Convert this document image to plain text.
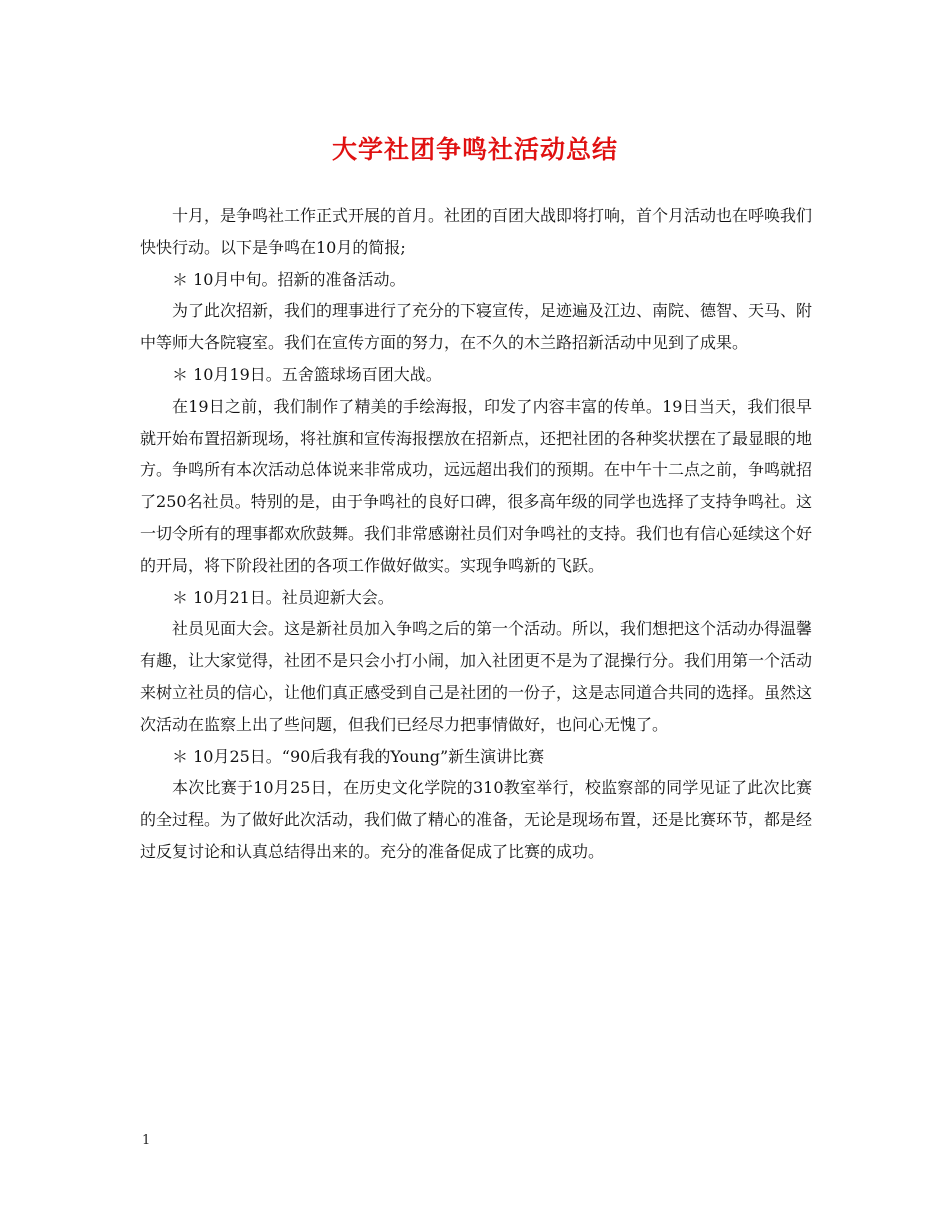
大学社团争鸣社活动总结

十月，是争鸣社工作正式开展的首月。社团的百团大战即将打响，首个月活动也在呼唤我们快快行动。以下是争鸣在10月的简报;

＊ 10月中旬。招新的准备活动。

为了此次招新，我们的理事进行了充分的下寝宣传，足迹遍及江边、南院、德智、天马、附中等师大各院寝室。我们在宣传方面的努力，在不久的木兰路招新活动中见到了成果。

＊ 10月19日。五舍篮球场百团大战。

在19日之前，我们制作了精美的手绘海报，印发了内容丰富的传单。19日当天，我们很早就开始布置招新现场，将社旗和宣传海报摆放在招新点，还把社团的各种奖状摆在了最显眼的地方。争鸣所有本次活动总体说来非常成功，远远超出我们的预期。在中午十二点之前，争鸣就招了250名社员。特别的是，由于争鸣社的良好口碑，很多高年级的同学也选择了支持争鸣社。这一切令所有的理事都欢欣鼓舞。我们非常感谢社员们对争鸣社的支持。我们也有信心延续这个好的开局，将下阶段社团的各项工作做好做实。实现争鸣新的飞跃。

＊ 10月21日。社员迎新大会。

社员见面大会。这是新社员加入争鸣之后的第一个活动。所以，我们想把这个活动办得温馨有趣，让大家觉得，社团不是只会小打小闹，加入社团更不是为了混操行分。我们用第一个活动来树立社员的信心，让他们真正感受到自己是社团的一份子，这是志同道合共同的选择。虽然这次活动在监察上出了些问题，但我们已经尽力把事情做好，也问心无愧了。

＊ 10月25日。“90后我有我的Young”新生演讲比赛

本次比赛于10月25日，在历史文化学院的310教室举行，校监察部的同学见证了此次比赛的全过程。为了做好此次活动，我们做了精心的准备，无论是现场布置，还是比赛环节，都是经过反复讨论和认真总结得出来的。充分的准备促成了比赛的成功。

1
